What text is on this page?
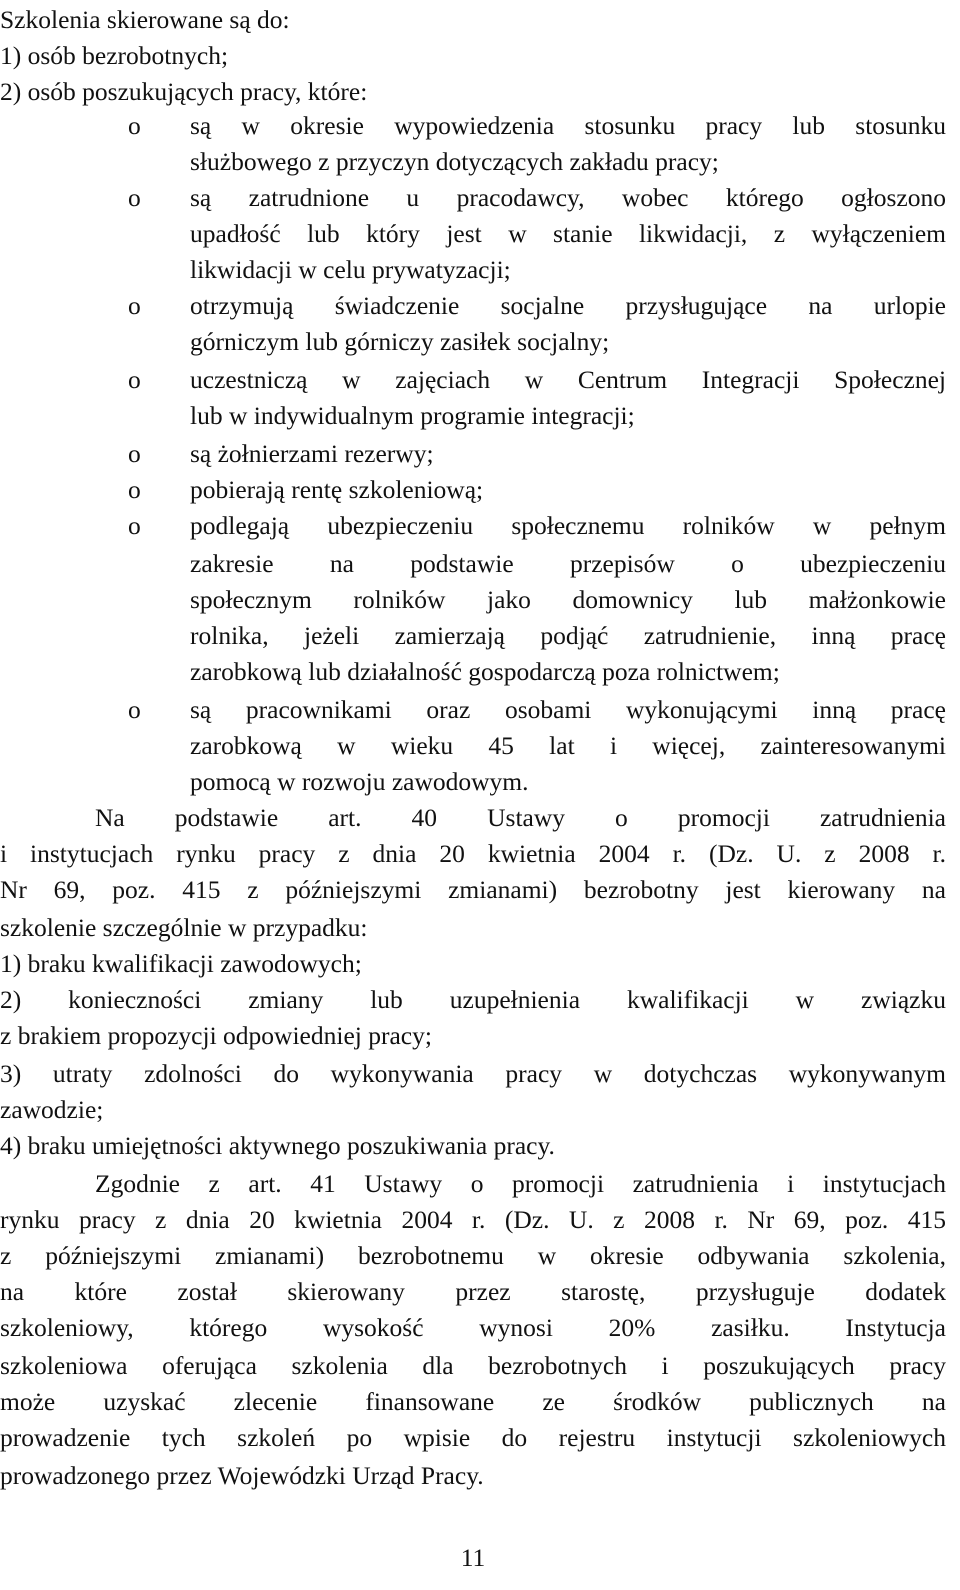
Szkolenia skierowane są do:
1) osób bezrobotnych;
2) osób poszukujących pracy, które:
o są w okresie wypowiedzenia stosunku pracy lub stosunku
służbowego z przyczyn dotyczących zakładu pracy;
o są zatrudnione u pracodawcy, wobec którego ogłoszono
upadłość lub który jest w stanie likwidacji, z wyłączeniem
likwidacji w celu prywatyzacji;
o otrzymują świadczenie socjalne przysługujące na urlopie
górniczym lub górniczy zasiłek socjalny;
o uczestniczą w zajęciach w Centrum Integracji Społecznej
lub w indywidualnym programie integracji;
o są żołnierzami rezerwy;
o pobierają rentę szkoleniową;
o podlegają ubezpieczeniu społecznemu rolników w pełnym
zakresie na podstawie przepisów o ubezpieczeniu
społecznym rolników jako domownicy lub małżonkowie
rolnika, jeżeli zamierzają podjąć zatrudnienie, inną pracę
zarobkową lub działalność gospodarczą poza rolnictwem;
o są pracownikami oraz osobami wykonującymi inną pracę
zarobkową w wieku 45 lat i więcej, zainteresowanymi
pomocą w rozwoju zawodowym.
Na podstawie art. 40 Ustawy o promocji zatrudnienia
i instytucjach rynku pracy z dnia 20 kwietnia 2004 r. (Dz. U. z 2008 r.
Nr 69, poz. 415 z późniejszymi zmianami) bezrobotny jest kierowany na
szkolenie szczególnie w przypadku:
1) braku kwalifikacji zawodowych;
2) konieczności zmiany lub uzupełnienia kwalifikacji w związku
z brakiem propozycji odpowiedniej pracy;
3) utraty zdolności do wykonywania pracy w dotychczas wykonywanym
zawodzie;
4) braku umiejętności aktywnego poszukiwania pracy.
Zgodnie z art. 41 Ustawy o promocji zatrudnienia i instytucjach
rynku pracy z dnia 20 kwietnia 2004 r. (Dz. U. z 2008 r. Nr 69, poz. 415
z późniejszymi zmianami) bezrobotnemu w okresie odbywania szkolenia,
na które został skierowany przez starostę, przysługuje dodatek
szkoleniowy, którego wysokość wynosi 20% zasiłku. Instytucja
szkoleniowa oferująca szkolenia dla bezrobotnych i poszukujących pracy
może uzyskać zlecenie finansowane ze środków publicznych na
prowadzenie tych szkoleń po wpisie do rejestru instytucji szkoleniowych
prowadzonego przez Wojewódzki Urząd Pracy.
11
